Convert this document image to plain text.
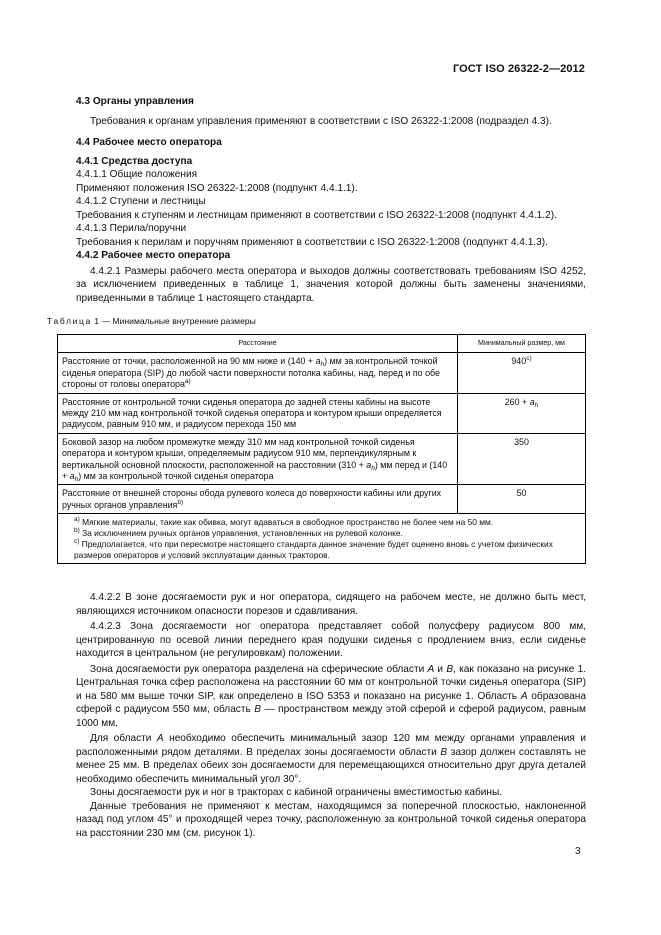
ГОСТ ISO 26322-2—2012

4.3 Органы управления

Требования к органам управления применяют в соответствии с ISO 26322-1:2008 (подраздел 4.3).

4.4 Рабочее место оператора

4.4.1 Средства доступа

4.4.1.1 Общие положения

Применяют положения ISO 26322-1:2008 (подпункт 4.4.1.1).

4.4.1.2 Ступени и лестницы

Требования к ступеням и лестницам применяют в соответствии с ISO 26322-1:2008 (подпункт 4.4.1.2).

4.4.1.3 Перила/поручни

Требования к перилам и поручням применяют в соответствии с ISO 26322-1:2008 (подпункт 4.4.1.3).

4.4.2 Рабочее место оператора

4.4.2.1 Размеры рабочего места оператора и выходов должны соответствовать требованиям ISO 4252, за исключением приведенных в таблице 1, значения которой должны быть заменены значениями, приведенными в таблице 1 настоящего стандарта.

Таблица 1 — Минимальные внутренние размеры
Расстояние	Минимальный размер, мм
Расстояние от точки, расположенной на 90 мм ниже и $(140 + a_h)$ мм за контрольной точкой сиденья оператора (SIP) до любой части поверхности потолка кабины, над, перед и по обе стороны от головы оператора$^{a)}$	940$^{c)}$
Расстояние от контрольной точки сиденья оператора до задней стены кабины на высоте между 210 мм над контрольной точкой сиденья оператора и контуром крыши определяется радиусом, равным 910 мм, и радиусом перехода 150 мм	$260 + a_h$
Боковой зазор на любом промежутке между 310 мм над контрольной точкой сиденья оператора и контуром крыши, определяемым радиусом 910 мм, перпендикулярным к вертикальной основной плоскости, расположенной на расстоянии $(310 + a_h)$ мм перед и $(140 + a_h)$ мм за контрольной точкой сиденья оператора	350
Расстояние от внешней стороны обода рулевого колеса до поверхности кабины или других ручных органов управления$^{b)}$	50

$^{a)}$ Мягкие материалы, такие как обивка, могут вдаваться в свободное пространство не более чем на 50 мм.
$^{b)}$ За исключением ручных органов управления, установленных на рулевой колонке.
$^{c)}$ Предполагается, что при пересмотре настоящего стандарта данное значение будет оценено вновь с учетом физических размеров операторов и условий эксплуатации данных тракторов.	

4.4.2.2 В зоне досягаемости рук и ног оператора, сидящего на рабочем месте, не должно быть мест, являющихся источником опасности порезов и сдавливания.

4.4.2.3 Зона досягаемости ног оператора представляет собой полусферу радиусом 800 мм, центрированную по осевой линии переднего края подушки сиденья с продлением вниз, если сиденье находится в центральном (не регулировкам) положении.

Зона досягаемости рук оператора разделена на сферические области A и B, как показано на рисунке 1. Центральная точка сфер расположена на расстоянии 60 мм от контрольной точки сиденья оператора (SIP) и на 580 мм выше точки SIP, как определено в ISO 5353 и показано на рисунке 1. Область A образована сферой с радиусом 550 мм, область B — пространством между этой сферой и сферой радиусом, равным 1000 мм.

Для области A необходимо обеспечить минимальный зазор 120 мм между органами управления и расположенными рядом деталями. В пределах зоны досягаемости области B зазор должен составлять не менее 25 мм. В пределах обеих зон досягаемости для перемещающихся относительно друг друга деталей необходимо обеспечить минимальный угол 30°.

Зоны досягаемости рук и ног в тракторах с кабиной ограничены вместимостью кабины.

Данные требования не применяют к местам, находящимся за поперечной плоскостью, наклоненной назад под углом 45° и проходящей через точку, расположенную за контрольной точкой сиденья оператора на расстоянии 230 мм (см. рисунок 1).

3
